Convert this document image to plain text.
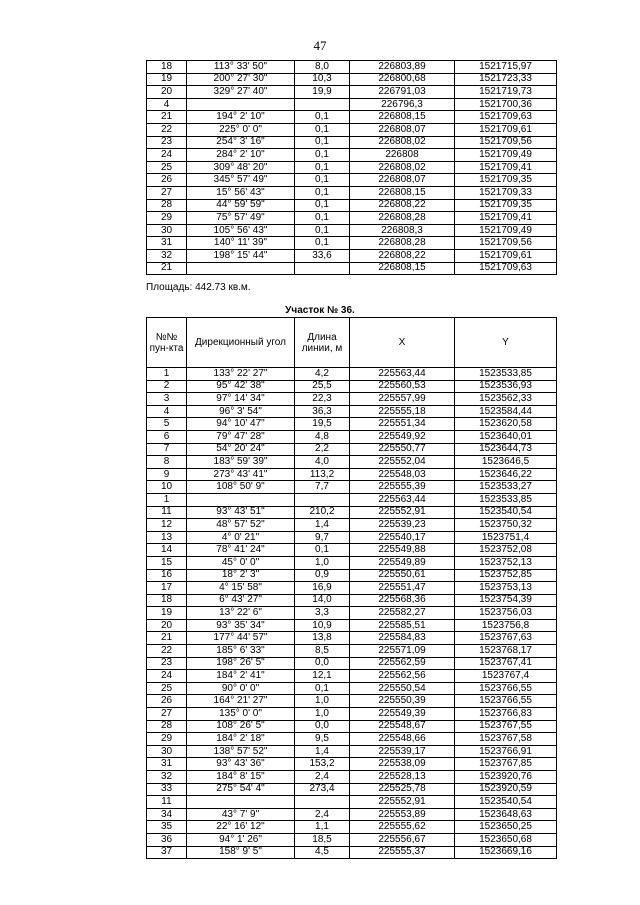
47
18	113° 33' 50"	8,0	226803,89	1521715,97
19	200° 27' 30"	10,3	226800,68	1521723,33
20	329° 27' 40"	19,9	226791,03	1521719,73
4			226796,3	1521700,36
21	194° 2' 10"	0,1	226808,15	1521709,63
22	225° 0' 0"	0,1	226808,07	1521709,61
23	254° 3' 16"	0,1	226808,02	1521709,56
24	284° 2' 10"	0,1	226808	1521709,49
25	309° 48' 20"	0,1	226808,02	1521709,41
26	345° 57' 49"	0,1	226808,07	1521709,35
27	15° 56' 43"	0,1	226808,15	1521709,33
28	44° 59' 59"	0,1	226808,22	1521709,35
29	75° 57' 49"	0,1	226808,28	1521709,41
30	105° 56' 43"	0,1	226808,3	1521709,49
31	140° 11' 39"	0,1	226808,28	1521709,56
32	198° 15' 44"	33,6	226808,22	1521709,61
21			226808,15	1521709,63
Площадь: 442.73 кв.м.
Участок № 36.
№№ пун-кта	Дирекционный угол	Длина линии, м	X	Y
1	133° 22' 27"	4,2	225563,44	1523533,85
2	95° 42' 38"	25,5	225560,53	1523536,93
3	97° 14' 34"	22,3	225557,99	1523562,33
4	96° 3' 54"	36,3	225555,18	1523584,44
5	94° 10' 47"	19,5	225551,34	1523620,58
6	79° 47' 28"	4,8	225549,92	1523640,01
7	54° 20' 24"	2,2	225550,77	1523644,73
8	183° 59' 39"	4,0	225552,04	1523646,5
9	273° 43' 41"	113,2	225548,03	1523646,22
10	108° 50' 9"	7,7	225555,39	1523533,27
1			225563,44	1523533,85
11	93° 43' 51"	210,2	225552,91	1523540,54
12	48° 57' 52"	1,4	225539,23	1523750,32
13	4° 0' 21"	9,7	225540,17	1523751,4
14	78° 41' 24"	0,1	225549,88	1523752,08
15	45° 0' 0"	1,0	225549,89	1523752,13
16	18° 2' 3"	0,9	225550,61	1523752,85
17	4° 15' 58"	16,9	225551,47	1523753,13
18	6° 43' 27"	14,0	225568,36	1523754,39
19	13° 22' 6"	3,3	225582,27	1523756,03
20	93° 35' 34"	10,9	225585,51	1523756,8
21	177° 44' 57"	13,8	225584,83	1523767,63
22	185° 6' 33"	8,5	225571,09	1523768,17
23	198° 26' 5"	0,0	225562,59	1523767,41
24	184° 2' 41"	12,1	225562,56	1523767,4
25	90° 0' 0"	0,1	225550,54	1523766,55
26	164° 21' 27"	1,0	225550,39	1523766,55
27	135° 0' 0"	1,0	225549,39	1523766,83
28	108° 26' 5"	0,0	225548,67	1523767,55
29	184° 2' 18"	9,5	225548,66	1523767,58
30	138° 57' 52"	1,4	225539,17	1523766,91
31	93° 43' 36"	153,2	225538,09	1523767,85
32	184° 8' 15"	2,4	225528,13	1523920,76
33	275° 54' 4"	273,4	225525,78	1523920,59
11			225552,91	1523540,54
34	43° 7' 9"	2,4	225553,89	1523648,63
35	22° 16' 12"	1,1	225555,62	1523650,25
36	94° 1' 26"	18,5	225556,67	1523650,68
37	158° 9' 5"	4,5	225555,37	1523669,16
